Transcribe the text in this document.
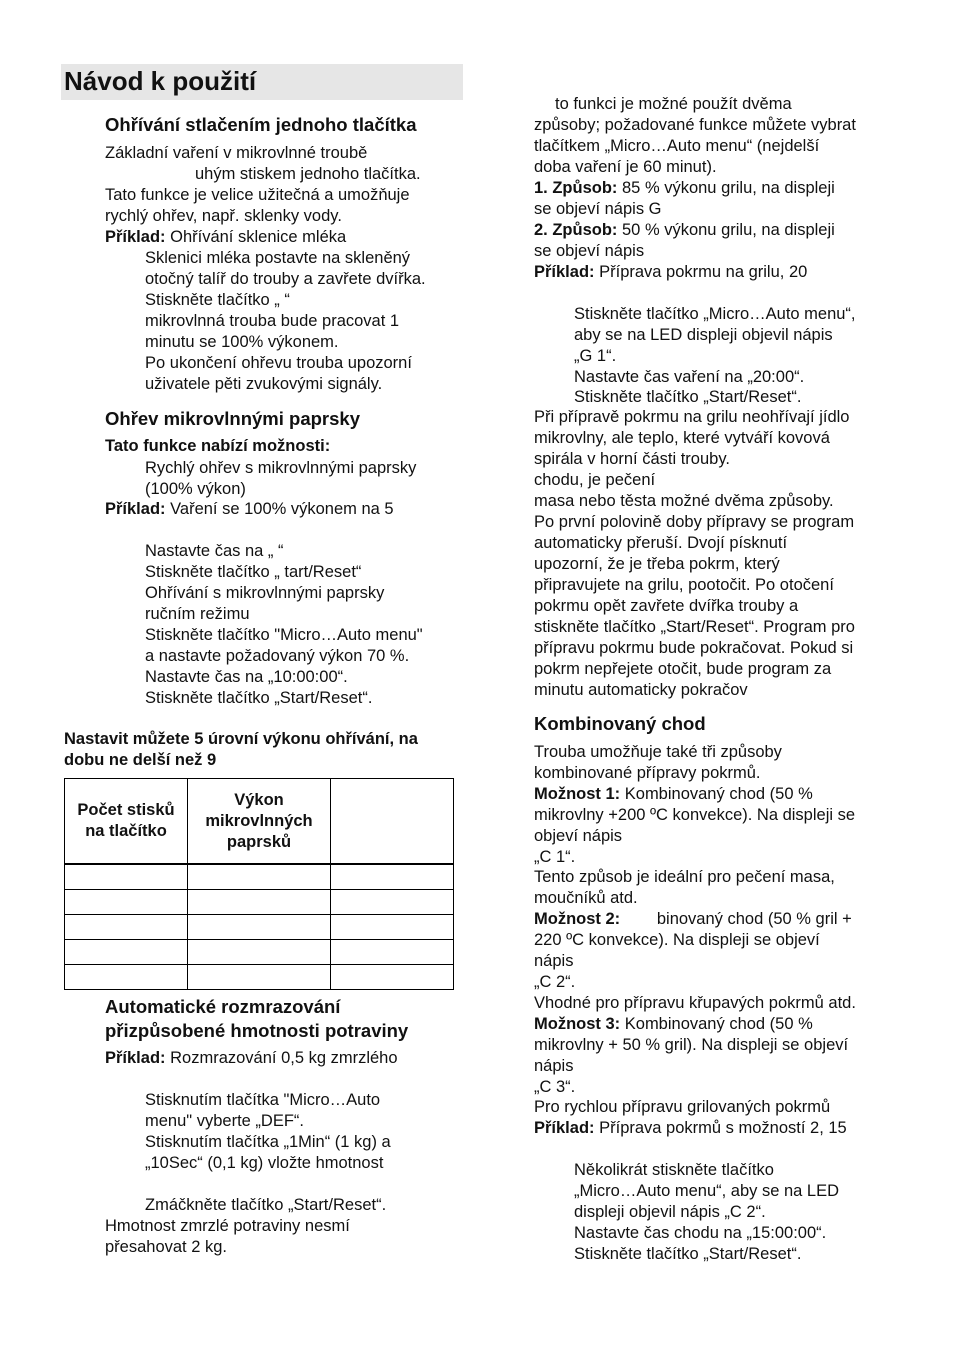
Návod k použití
Ohřívání stlačením jednoho tlačítka
Základní vaření v mikrovlnné troubě
uhým stiskem jednoho tlačítka.
Tato funkce je velice užitečná a umožňuje
rychlý ohřev, např. sklenky vody.
Příklad: Ohřívání sklenice mléka
Sklenici mléka postavte na skleněný
otočný talíř do trouby a zavřete dvířka.
Stiskněte tlačítko „ “
mikrovlnná trouba bude pracovat 1
minutu se 100% výkonem.
Po ukončení ohřevu trouba upozorní
uživatele pěti zvukovými signály.
Ohřev mikrovlnnými paprsky
Tato funkce nabízí možnosti:
Rychlý ohřev s mikrovlnnými paprsky
(100% výkon)
Příklad: Vaření se 100% výkonem na 5
Nastavte čas na „ “
Stiskněte tlačítko „ tart/Reset“
Ohřívání s mikrovlnnými paprsky
ručním režimu
Stiskněte tlačítko "Micro…Auto menu"
a nastavte požadovaný výkon 70 %.
Nastavte čas na „10:00:00“.
Stiskněte tlačítko „Start/Reset“.
Nastavit můžete 5 úrovní výkonu ohřívání, na
dobu ne delší než 9
Počet stisků na tlačítko	Výkon mikrovlnných paprsků	

Automatické rozmrazování
přizpůsobené hmotnosti potraviny
Příklad: Rozmrazování 0,5 kg zmrzlého
Stisknutím tlačítka "Micro…Auto
menu" vyberte „DEF“.
Stisknutím tlačítka „1Min“ (1 kg) a
„10Sec“ (0,1 kg) vložte hmotnost
Zmáčkněte tlačítko „Start/Reset“.
Hmotnost zmrzlé potraviny nesmí
přesahovat 2 kg.
to funkci je možné použít dvěma
způsoby; požadované funkce můžete vybrat
tlačítkem „Micro…Auto menu“ (nejdelší
doba vaření je 60 minut).
1. Způsob: 85 % výkonu grilu, na displeji
se objeví nápis G
2. Způsob: 50 % výkonu grilu, na displeji
se objeví nápis
Příklad: Příprava pokrmu na grilu, 20
Stiskněte tlačítko „Micro…Auto menu“,
aby se na LED displeji objevil nápis
„G 1“.
Nastavte čas vaření na „20:00“.
Stiskněte tlačítko „Start/Reset“.
Při přípravě pokrmu na grilu neohřívají jídlo
mikrovlny, ale teplo, které vytváří kovová
spirála v horní části trouby.
chodu, je pečení
masa nebo těsta možné dvěma způsoby.
Po první polovině doby přípravy se program
automaticky přeruší. Dvojí písknutí
upozorní, že je třeba pokrm, který
připravujete na grilu, pootočit. Po otočení
pokrmu opět zavřete dvířka trouby a
stiskněte tlačítko „Start/Reset“. Program pro
přípravu pokrmu bude pokračovat. Pokud si
pokrm nepřejete otočit, bude program za
minutu automaticky pokračov
Kombinovaný chod
Trouba umožňuje také tři způsoby
kombinované přípravy pokrmů.
Možnost 1: Kombinovaný chod (50 %
mikrovlny +200 ºC konvekce). Na displeji se
objeví nápis
„C 1“.
Tento způsob je ideální pro pečení masa,
moučníků atd.
Možnost 2:        binovaný chod (50 % gril +
220 ºC konvekce). Na displeji se objeví
nápis
„C 2“.
Vhodné pro přípravu křupavých pokrmů atd.
Možnost 3: Kombinovaný chod (50 %
mikrovlny + 50 % gril). Na displeji se objeví
nápis
„C 3“.
Pro rychlou přípravu grilovaných pokrmů
Příklad: Příprava pokrmů s možností 2, 15
Několikrát stiskněte tlačítko
„Micro…Auto menu“, aby se na LED
displeji objevil nápis „C 2“.
Nastavte čas chodu na „15:00:00“.
Stiskněte tlačítko „Start/Reset“.
